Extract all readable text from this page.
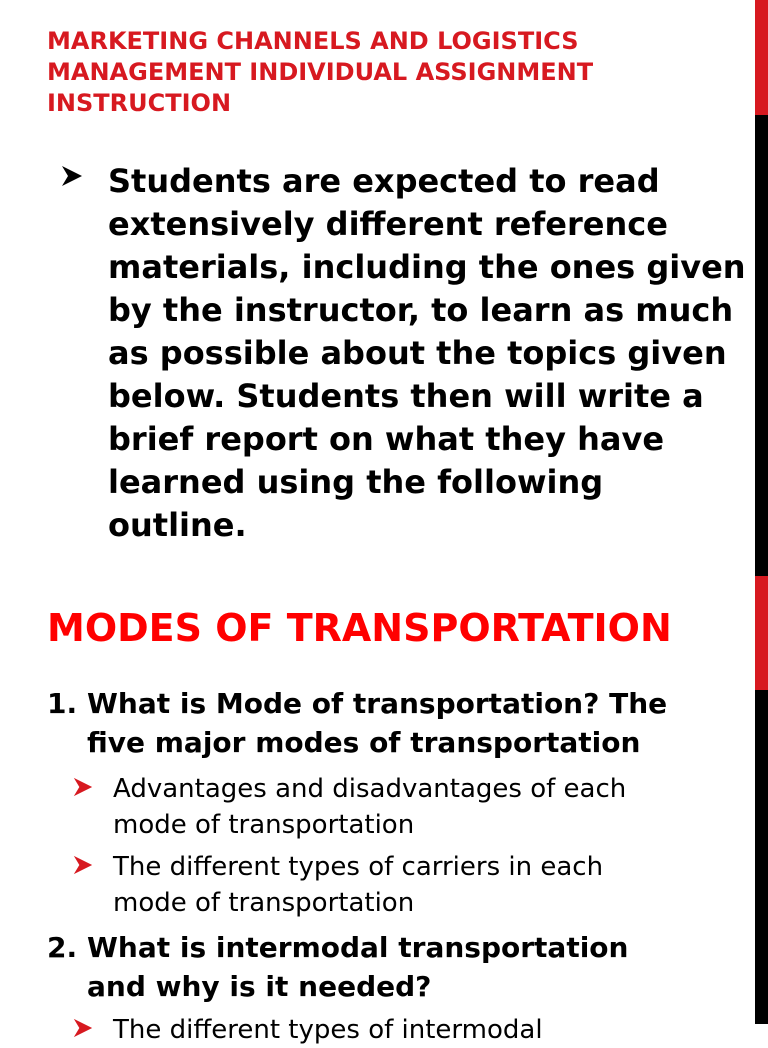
MARKETING CHANNELS AND LOGISTICS MANAGEMENT INDIVIDUAL ASSIGNMENT INSTRUCTION
Students are expected to read extensively different reference materials, including the ones given by the instructor, to learn as much as possible about the topics given below. Students then will write a brief report on what they have learned using the following outline.
MODES OF TRANSPORTATION
1. What is Mode of transportation? The five major modes of transportation
Advantages and disadvantages of each mode of transportation
The different types of carriers in each mode of transportation
2. What is intermodal transportation and why is it needed?
The different types of intermodal
